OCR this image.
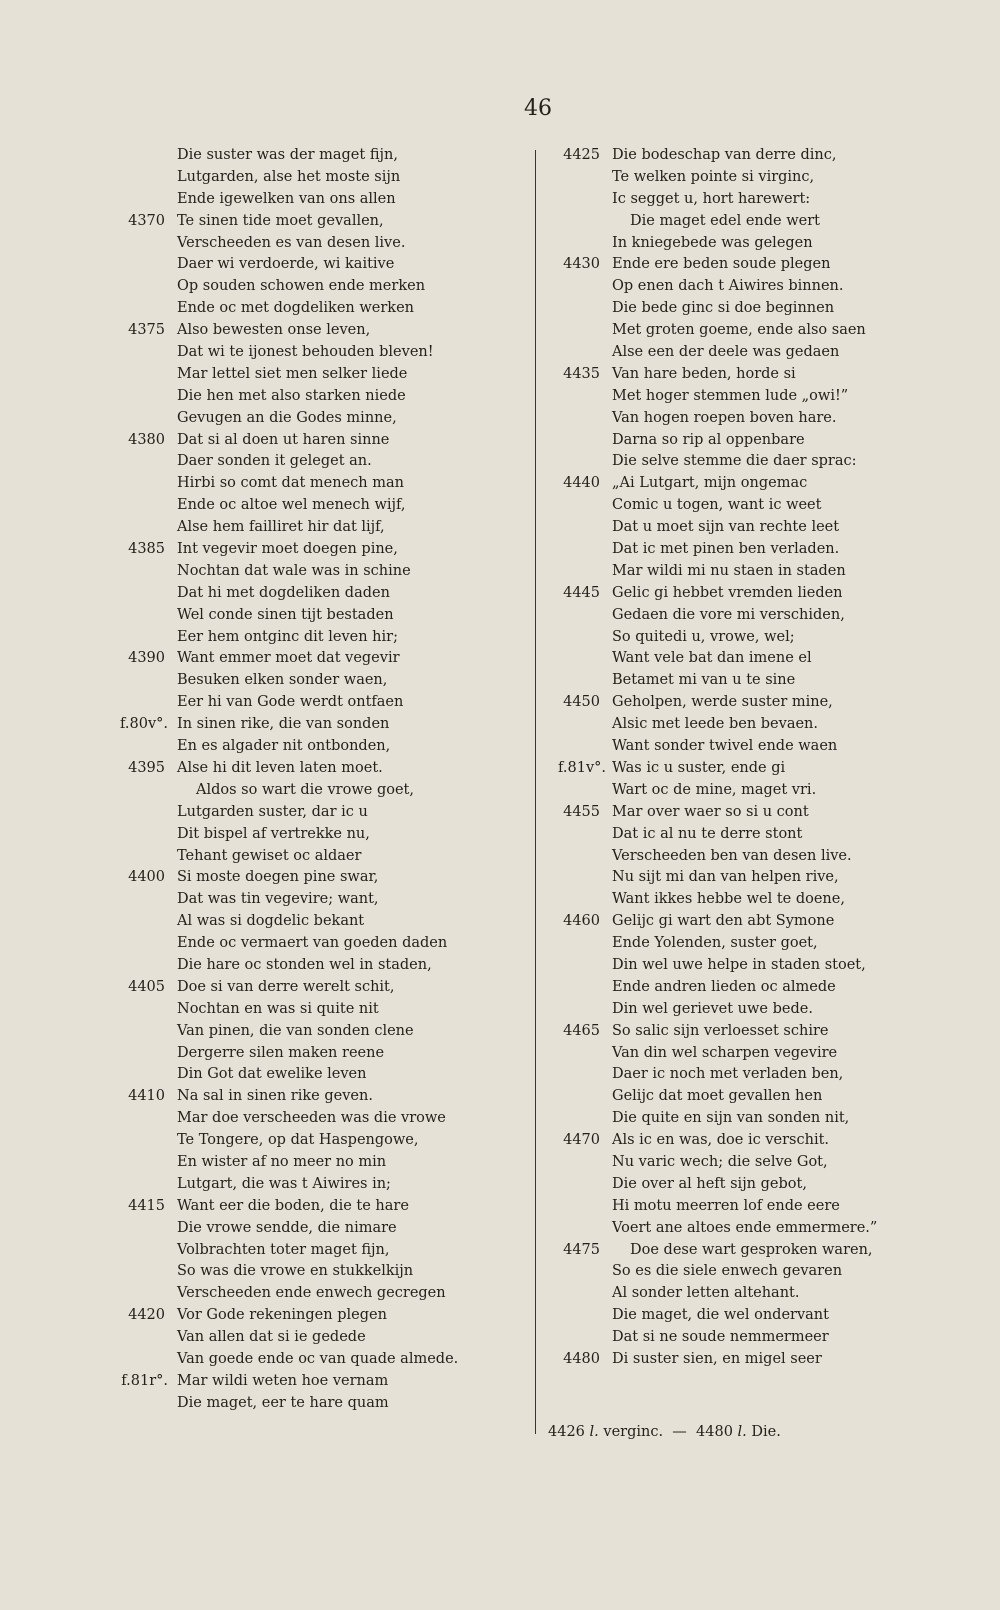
46
Die suster was der maget fijn,
Lutgarden, alse het moste sijn
Ende igewelken van ons allen
4370 Te sinen tide moet gevallen,
Verscheeden es van desen live.
Daer wi verdoerde, wi kaitive
Op souden schowen ende merken
Ende oc met dogdeliken werken
4375 Also bewesten onse leven,
Dat wi te ijonest behouden bleven!
Mar lettel siet men selker liede
Die hen met also starken niede
Gevugen an die Godes minne,
4380 Dat si al doen ut haren sinne
Daer sonden it geleget an.
Hirbi so comt dat menech man
Ende oc altoe wel menech wijf,
Alse hem failliret hir dat lijf,
4385 Int vegevir moet doegen pine,
Nochtan dat wale was in schine
Dat hi met dogdeliken daden
Wel conde sinen tijt bestaden
Eer hem ontginc dit leven hir;
4390 Want emmer moet dat vegevir
Besuken elken sonder waen,
Eer hi van Gode werdt ontfaen
f.80v°. In sinen rike, die van sonden
En es algader nit ontbonden,
4395 Alse hi dit leven laten moet.
Aldos so wart die vrowe goet,
Lutgarden suster, dar ic u
Dit bispel af vertrekke nu,
Tehant gewiset oc aldaer
4400 Si moste doegen pine swar,
Dat was tin vegevire; want,
Al was si dogdelic bekant
Ende oc vermaert van goeden daden
Die hare oc stonden wel in staden,
4405 Doe si van derre werelt schit,
Nochtan en was si quite nit
Van pinen, die van sonden clene
Dergerre silen maken reene
Din Got dat ewelike leven
4410 Na sal in sinen rike geven.
Mar doe verscheeden was die vrowe
Te Tongere, op dat Haspengowe,
En wister af no meer no min
Lutgart, die was t Aiwires in;
4415 Want eer die boden, die te hare
Die vrowe sendde, die nimare
Volbrachten toter maget fijn,
So was die vrowe en stukkelkijn
Verscheeden ende enwech gecregen
4420 Vor Gode rekeningen plegen
Van allen dat si ie gedede
Van goede ende oc van quade almede.
f.81r°. Mar wildi weten hoe vernam
Die maget, eer te hare quam
4425 Die bodeschap van derre dinc,
Te welken pointe si virginc,
Ic segget u, hort harewert:
Die maget edel ende wert
In kniegebede was gelegen
4430 Ende ere beden soude plegen
Op enen dach t Aiwires binnen.
Die bede ginc si doe beginnen
Met groten goeme, ende also saen
Alse een der deele was gedaen
4435 Van hare beden, horde si
Met hoger stemmen lude „owi!”
Van hogen roepen boven hare.
Darna so rip al oppenbare
Die selve stemme die daer sprac:
4440 „Ai Lutgart, mijn ongemac
Comic u togen, want ic weet
Dat u moet sijn van rechte leet
Dat ic met pinen ben verladen.
Mar wildi mi nu staen in staden
4445 Gelic gi hebbet vremden lieden
Gedaen die vore mi verschiden,
So quitedi u, vrowe, wel;
Want vele bat dan imene el
Betamet mi van u te sine
4450 Geholpen, werde suster mine,
Alsic met leede ben bevaen.
Want sonder twivel ende waen
f.81v°. Was ic u suster, ende gi
Wart oc de mine, maget vri.
4455 Mar over waer so si u cont
Dat ic al nu te derre stont
Verscheeden ben van desen live.
Nu sijt mi dan van helpen rive,
Want ikkes hebbe wel te doene,
4460 Gelijc gi wart den abt Symone
Ende Yolenden, suster goet,
Din wel uwe helpe in staden stoet,
Ende andren lieden oc almede
Din wel gerievet uwe bede.
4465 So salic sijn verloesset schire
Van din wel scharpen vegevire
Daer ic noch met verladen ben,
Gelijc dat moet gevallen hen
Die quite en sijn van sonden nit,
4470 Als ic en was, doe ic verschit.
Nu varic wech; die selve Got,
Die over al heft sijn gebot,
Hi motu meerren lof ende eere
Voert ane altoes ende emmermere.”
4475 Doe dese wart gesproken waren,
So es die siele enwech gevaren
Al sonder letten altehant.
Die maget, die wel ondervant
Dat si ne soude nemmermeer
4480 Di suster sien, en migel seer
4426 l. verginc. — 4480 l. Die.
